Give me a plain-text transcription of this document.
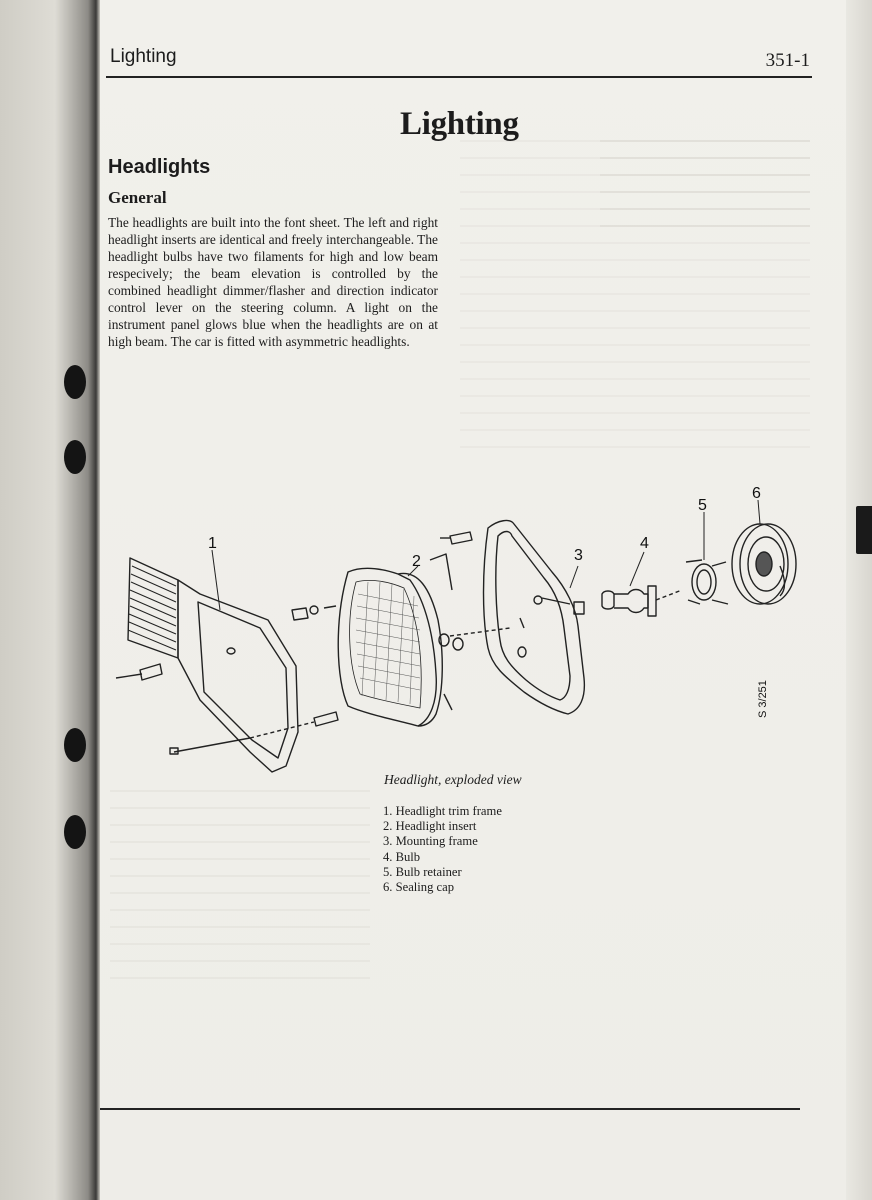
Lighting	351-1
Lighting
Headlights
General
The headlights are built into the font sheet. The left and right headlight inserts are identical and freely interchangeable. The headlight bulbs have two filaments for high and low beam respecively; the beam elevation is controlled by the combined headlight dimmer/flasher and direction indicator control lever on the steering column. A light on the instrument panel glows blue when the headlights are on at high beam. The car is fitted with asymmetric headlights.
1
2	3
4
5
6
S 3/251
Headlight, exploded view
1. Headlight trim frame
2. Headlight insert
3. Mounting frame
4. Bulb
5. Bulb retainer
6. Sealing cap
